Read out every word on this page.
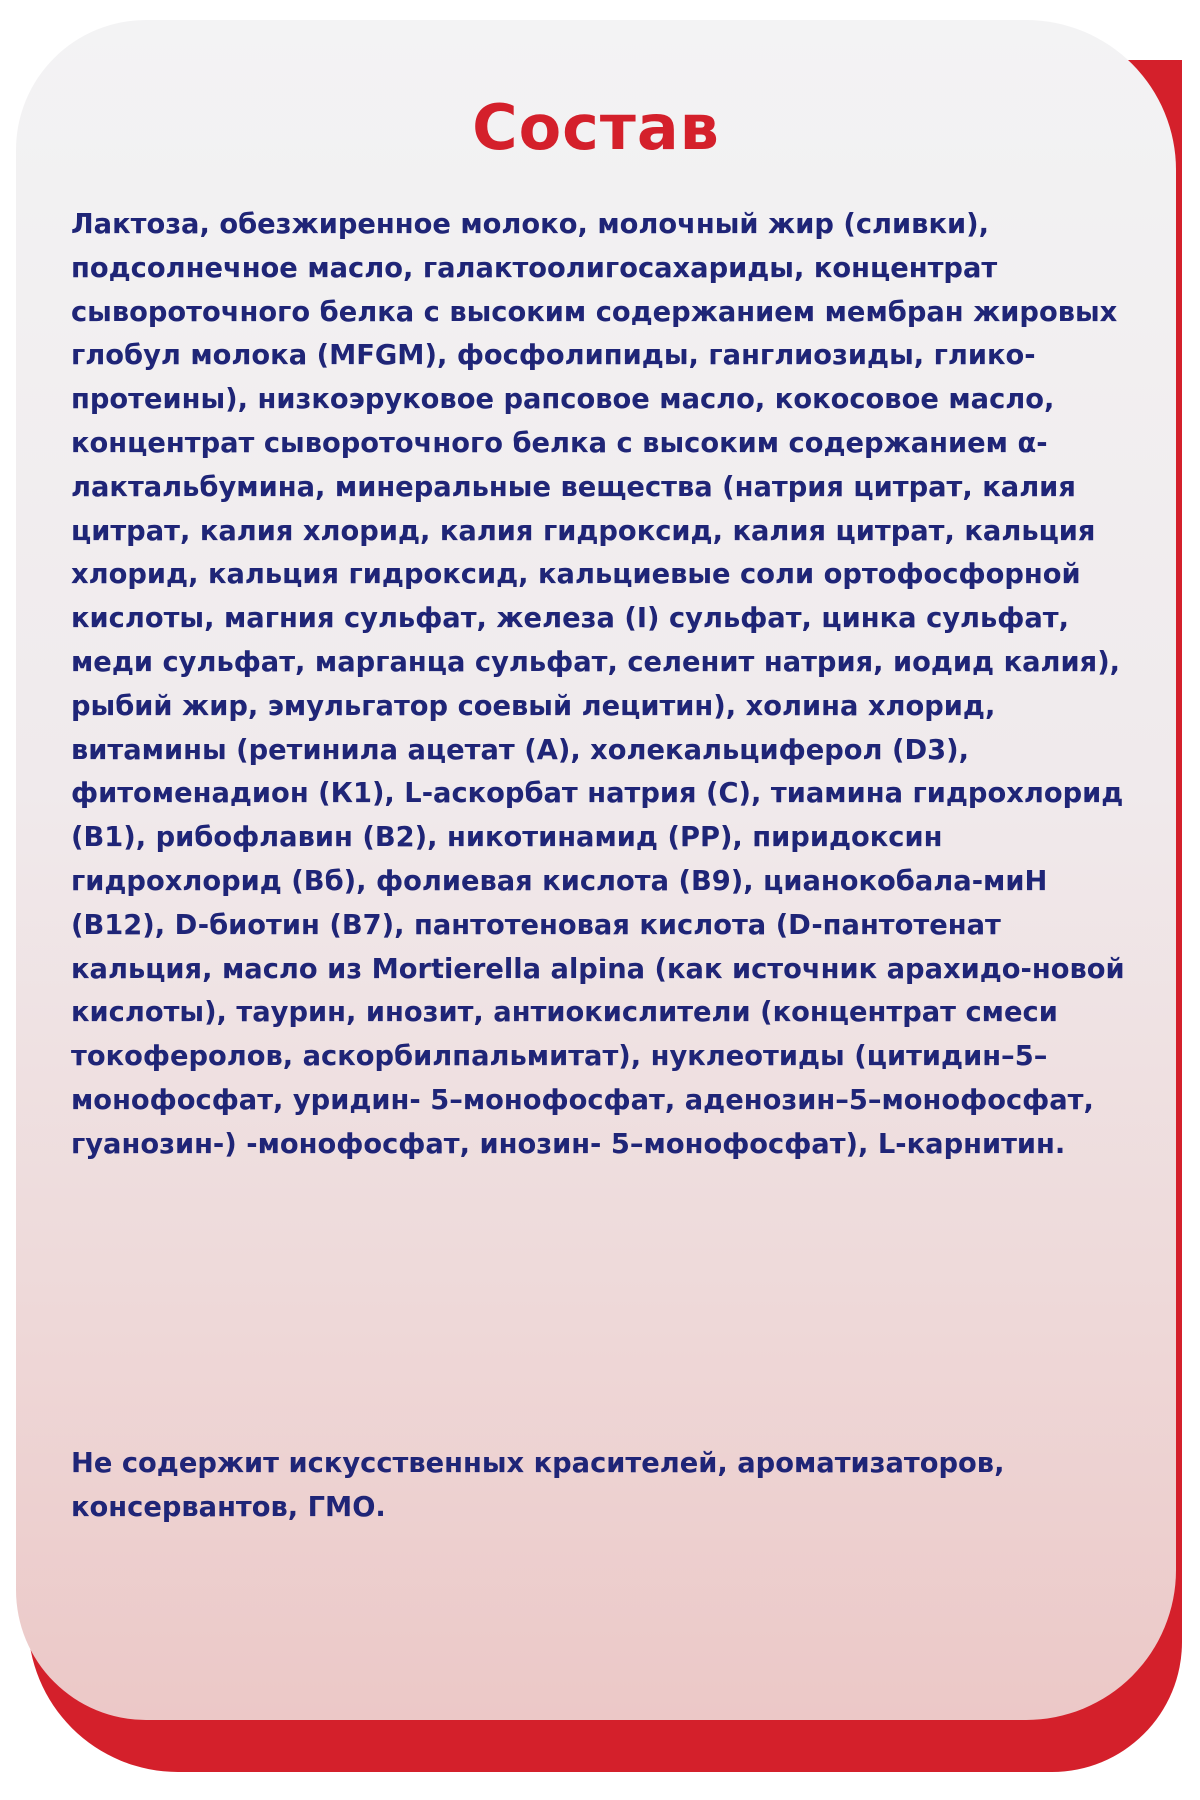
Состав

Лактоза, обезжиренное молоко, молочный жир (сливки), подсолнечное масло, галактоолигосахариды, концентрат сывороточного белка с высоким содержанием мембран жировых глобул молока (MFGM), фосфолипиды, ганглиозиды, глико-протеины), низкоэруковое рапсовое масло, кокосовое масло, концентрат сывороточного белка с высоким содержанием α-лактальбумина, минеральные вещества (натрия цитрат, калия цитрат, калия хлорид, калия гидроксид, калия цитрат, кальция хлорид, кальция гидроксид, кальциевые соли ортофосфорной кислоты, магния сульфат, железа (I) сульфат, цинка сульфат, меди сульфат, марганца сульфат, селенит натрия, иодид калия), рыбий жир, эмульгатор соевый лецитин), холина хлорид, витамины (ретинила ацетат (А), холекальциферол (D3), фитоменадион (К1), L-аскорбат натрия (С), тиамина гидрохлорид (В1), рибофлавин (В2), никотинамид (РР), пиридоксин гидрохлорид (Вб), фолиевая кислота (В9), цианокобала-миН (В12), D-биотин (В7), пантотеновая кислота (D-пантотенат кальция, масло из Mortierella alpina (как источник арахидо-новой кислоты), таурин, инозит, антиокислители (концентрат смеси токоферолов, аскорбилпальмитат), нуклеотиды (цитидин–5–монофосфат, уридин- 5–монофосфат, аденозин–5–монофосфат, гуанозин-) -монофосфат, инозин- 5–монофосфат), L-карнитин.

Не содержит искусственных красителей, ароматизаторов, консервантов, ГМО.
